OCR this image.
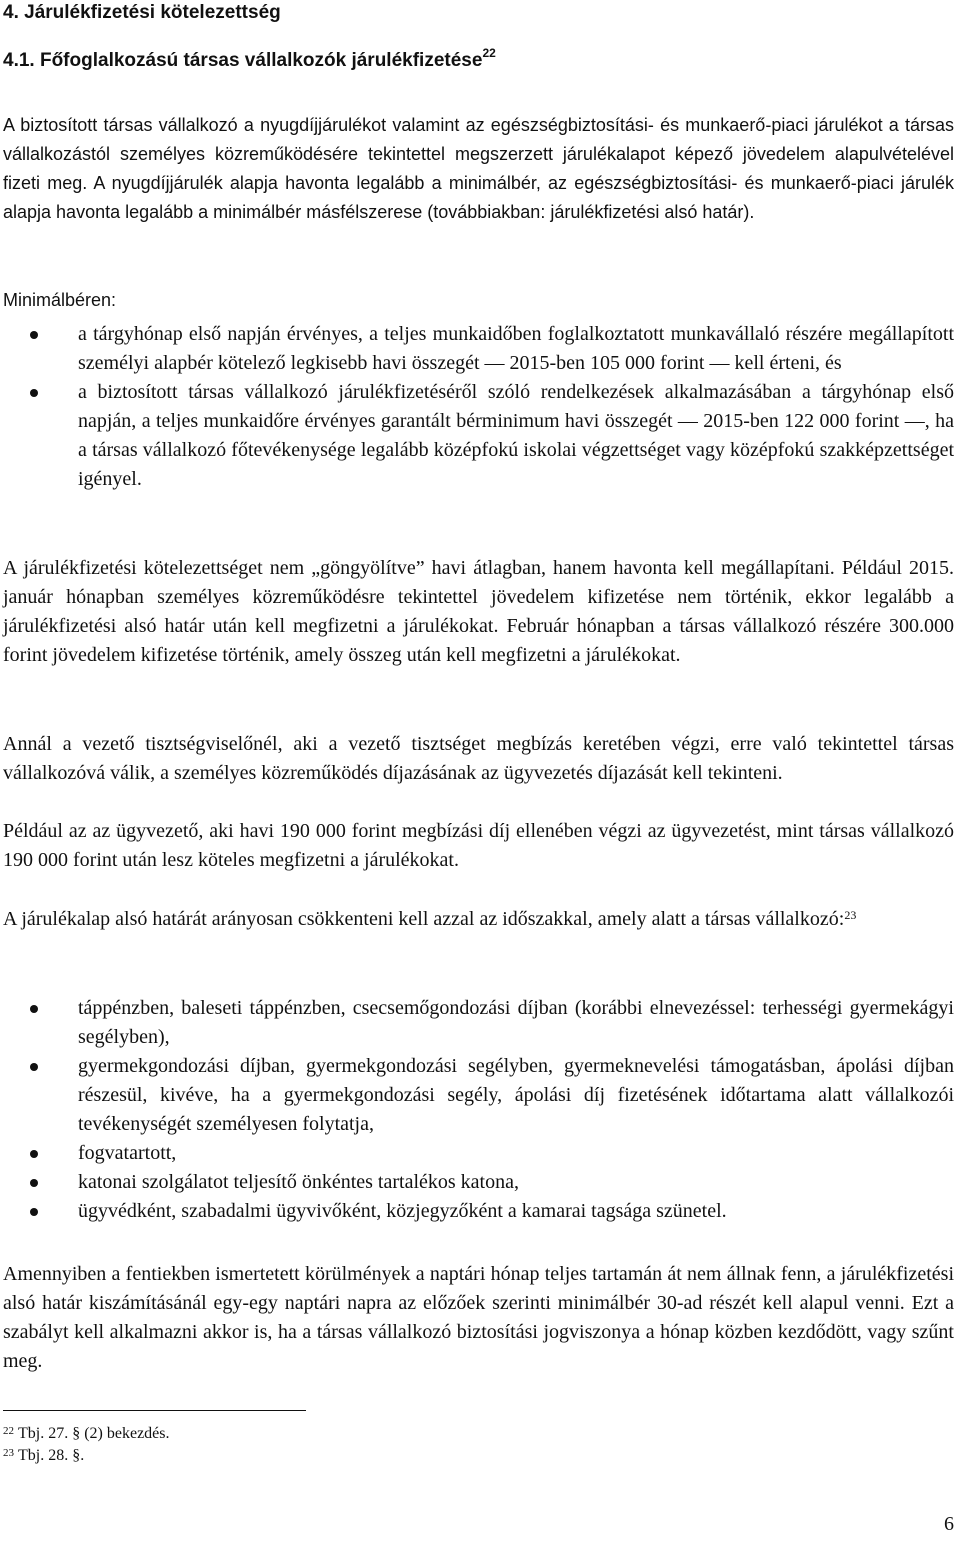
4. Járulékfizetési kötelezettség
4.1. Főfoglalkozású társas vállalkozók járulékfizetése$^{22}$

A biztosított társas vállalkozó a nyugdíjjárulékot valamint az egészségbiztosítási- és munkaerő-piaci járulékot a társas vállalkozástól személyes közreműködésére tekintettel megszerzett járulékalapot képező jövedelem alapulvételével fizeti meg. A nyugdíjjárulék alapja havonta legalább a minimálbér, az egészségbiztosítási- és munkaerő-piaci járulék alapja havonta legalább a minimálbér másfélszerese (továbbiakban: járulékfizetési alsó határ).

Minimálbéren:

a tárgyhónap első napján érvényes, a teljes munkaidőben foglalkoztatott munkavállaló részére megállapított személyi alapbér kötelező legkisebb havi összegét ― 2015-ben 105 000 forint ― kell érteni, és
a biztosított társas vállalkozó járulékfizetéséről szóló rendelkezések alkalmazásában a tárgyhónap első napján, a teljes munkaidőre érvényes garantált bérminimum havi összegét ― 2015-ben 122 000 forint ―, ha a társas vállalkozó főtevékenysége legalább középfokú iskolai végzettséget vagy középfokú szakképzettséget igényel.

A járulékfizetési kötelezettséget nem „göngyölítve” havi átlagban, hanem havonta kell megállapítani. Például 2015. január hónapban személyes közreműködésre tekintettel jövedelem kifizetése nem történik, ekkor legalább a járulékfizetési alsó határ után kell megfizetni a járulékokat. Február hónapban a társas vállalkozó részére 300.000 forint jövedelem kifizetése történik, amely összeg után kell megfizetni a járulékokat.

Annál a vezető tisztségviselőnél, aki a vezető tisztséget megbízás keretében végzi, erre való tekintettel társas vállalkozóvá válik, a személyes közreműködés díjazásának az ügyvezetés díjazását kell tekinteni.

Például az az ügyvezető, aki havi 190 000 forint megbízási díj ellenében végzi az ügyvezetést, mint társas vállalkozó 190 000 forint után lesz köteles megfizetni a járulékokat.

A járulékalap alsó határát arányosan csökkenteni kell azzal az időszakkal, amely alatt a társas vállalkozó:$^{23}$

táppénzben, baleseti táppénzben, csecsemőgondozási díjban (korábbi elnevezéssel: terhességi gyermekágyi segélyben),
gyermekgondozási díjban, gyermekgondozási segélyben, gyermeknevelési támogatásban, ápolási díjban részesül, kivéve, ha a gyermekgondozási segély, ápolási díj fizetésének időtartama alatt vállalkozói tevékenységét személyesen folytatja,
fogvatartott,
katonai szolgálatot teljesítő önkéntes tartalékos katona,
ügyvédként, szabadalmi ügyvivőként, közjegyzőként a kamarai tagsága szünetel.

Amennyiben a fentiekben ismertetett körülmények a naptári hónap teljes tartamán át nem állnak fenn, a járulékfizetési alsó határ kiszámításánál egy-egy naptári napra az előzőek szerinti minimálbér 30-ad részét kell alapul venni. Ezt a szabályt kell alkalmazni akkor is, ha a társas vállalkozó biztosítási jogviszonya a hónap közben kezdődött, vagy szűnt meg.

$^{22}$ Tbj. 27. § (2) bekezdés.

$^{23}$ Tbj. 28. §.

6
